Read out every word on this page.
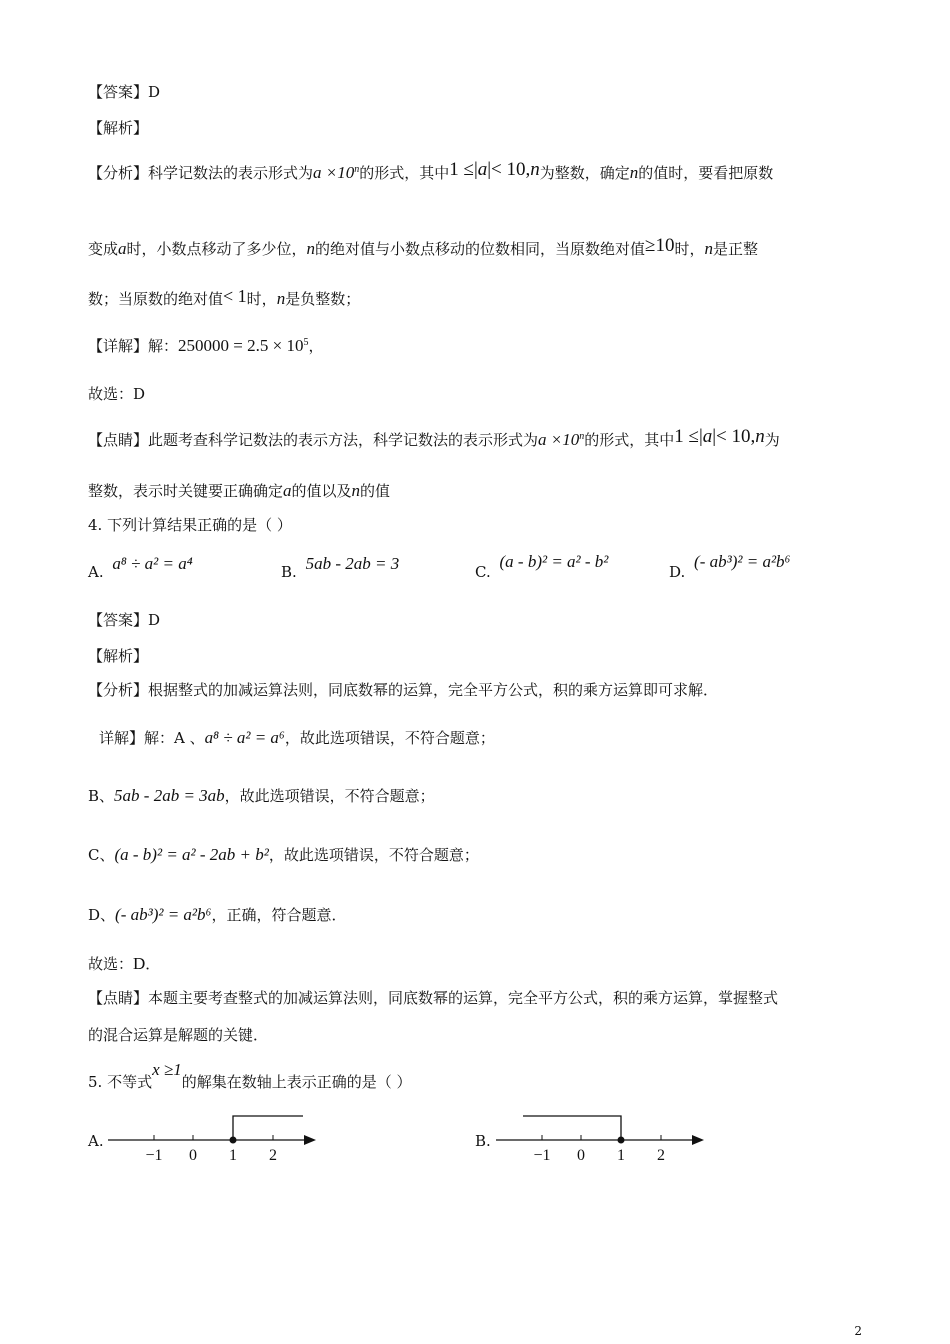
【答案】D
【解析】
【分析】科学记数法的表示形式为$a \times 10^n$的形式，其中1 ≤|a|< 10,n为整数，确定n的值时，要看把原数
变成a时，小数点移动了多少位，n的绝对值与小数点移动的位数相同，当原数绝对值≥10时，n是正整
数；当原数的绝对值< 1时，n是负整数；
【详解】解：$250000 = 2.5 \times 10^5$，
故选：D
【点睛】此题考查科学记数法的表示方法，科学记数法的表示形式为$a \times 10^n$的形式，其中1 ≤|a|< 10,n为
整数，表示时关键要正确确定a的值以及n的值
4. 下列计算结果正确的是（ ）
A. a⁸ ÷ a² = a⁴	B. 5ab - 2ab = 3	C. (a - b)² = a² - b²
D. (- ab³)² = a²b⁶
【答案】D
【解析】
【分析】根据整式的加减运算法则，同底数幂的运算，完全平方公式，积的乘方运算即可求解．
详解】解：A 、a⁸ ÷ a² = a⁶，故此选项错误，不符合题意；
B、5ab - 2ab = 3ab，故此选项错误，不符合题意；
C、(a - b)² = a² - 2ab + b²，故此选项错误，不符合题意；
D、(- ab³)² = a²b⁶，正确，符合题意．
故选：D．
【点睛】本题主要考查整式的加减运算法则，同底数幂的运算，完全平方公式，积的乘方运算，掌握整式
的混合运算是解题的关键．
5. 不等式x ≥1的解集在数轴上表示正确的是（ ）
A.
−1 0 1 2
B.
−1 0 1 2
2
